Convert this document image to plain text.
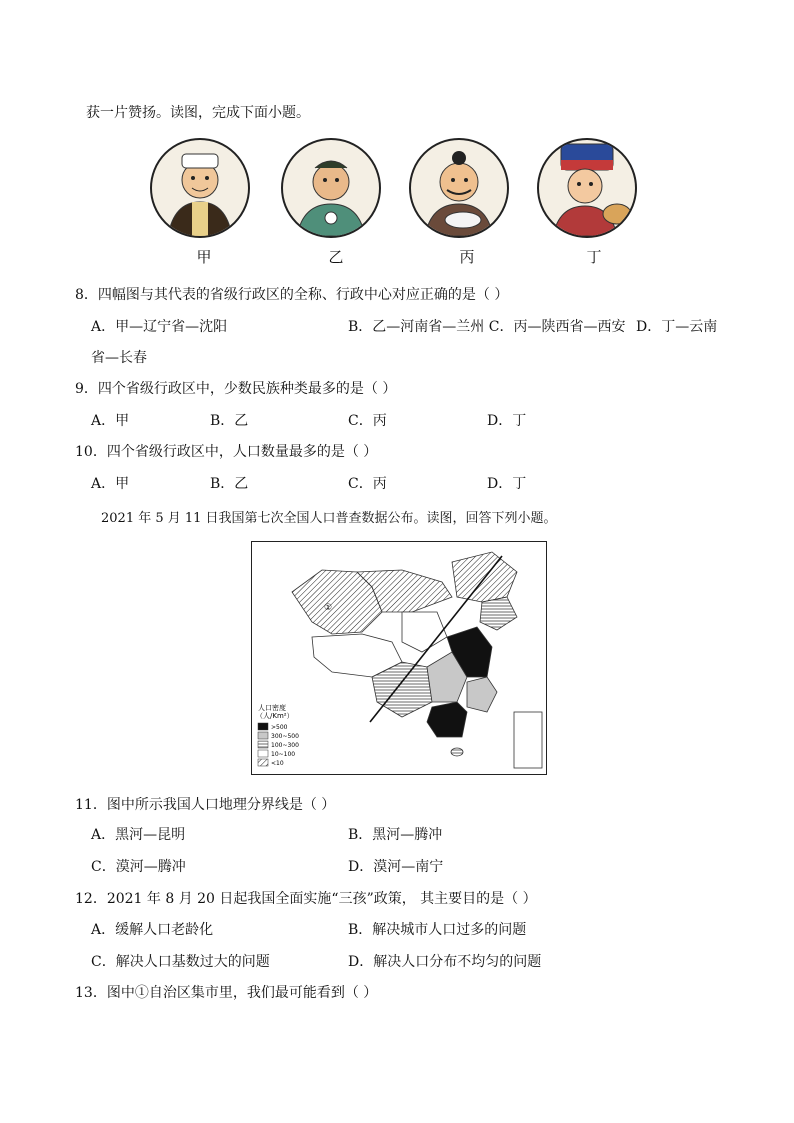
获一片赞扬。读图，完成下面小题。
甲	乙	丙	丁
8．四幅图与其代表的省级行政区的全称、行政中心对应正确的是（ ）
A．甲—辽宁省—沈阳	B．乙—河南省—兰州 C．丙—陕西省—西安 D．丁—云南
省—长春
9．四个省级行政区中，少数民族种类最多的是（ ）
A．甲	B．乙	C．丙	D．丁
10．四个省级行政区中，人口数量最多的是（ ）
A．甲	B．乙	C．丙	D．丁
2021 年 5 月 11 日我国第七次全国人口普查数据公布。读图，回答下列小题。
①
人口密度
（人/Km²）
>500
300~500
100~300
10~100
<10
11．图中所示我国人口地理分界线是（ ）
A．黑河—昆明	B．黑河—腾冲
C．漠河—腾冲	D．漠河—南宁
12．2021 年 8 月 20 日起我国全面实施“三孩”政策， 其主要目的是（ ）
A．缓解人口老龄化	B．解决城市人口过多的问题
C．解决人口基数过大的问题	D．解决人口分布不均匀的问题
13．图中①自治区集市里，我们最可能看到（ ）
